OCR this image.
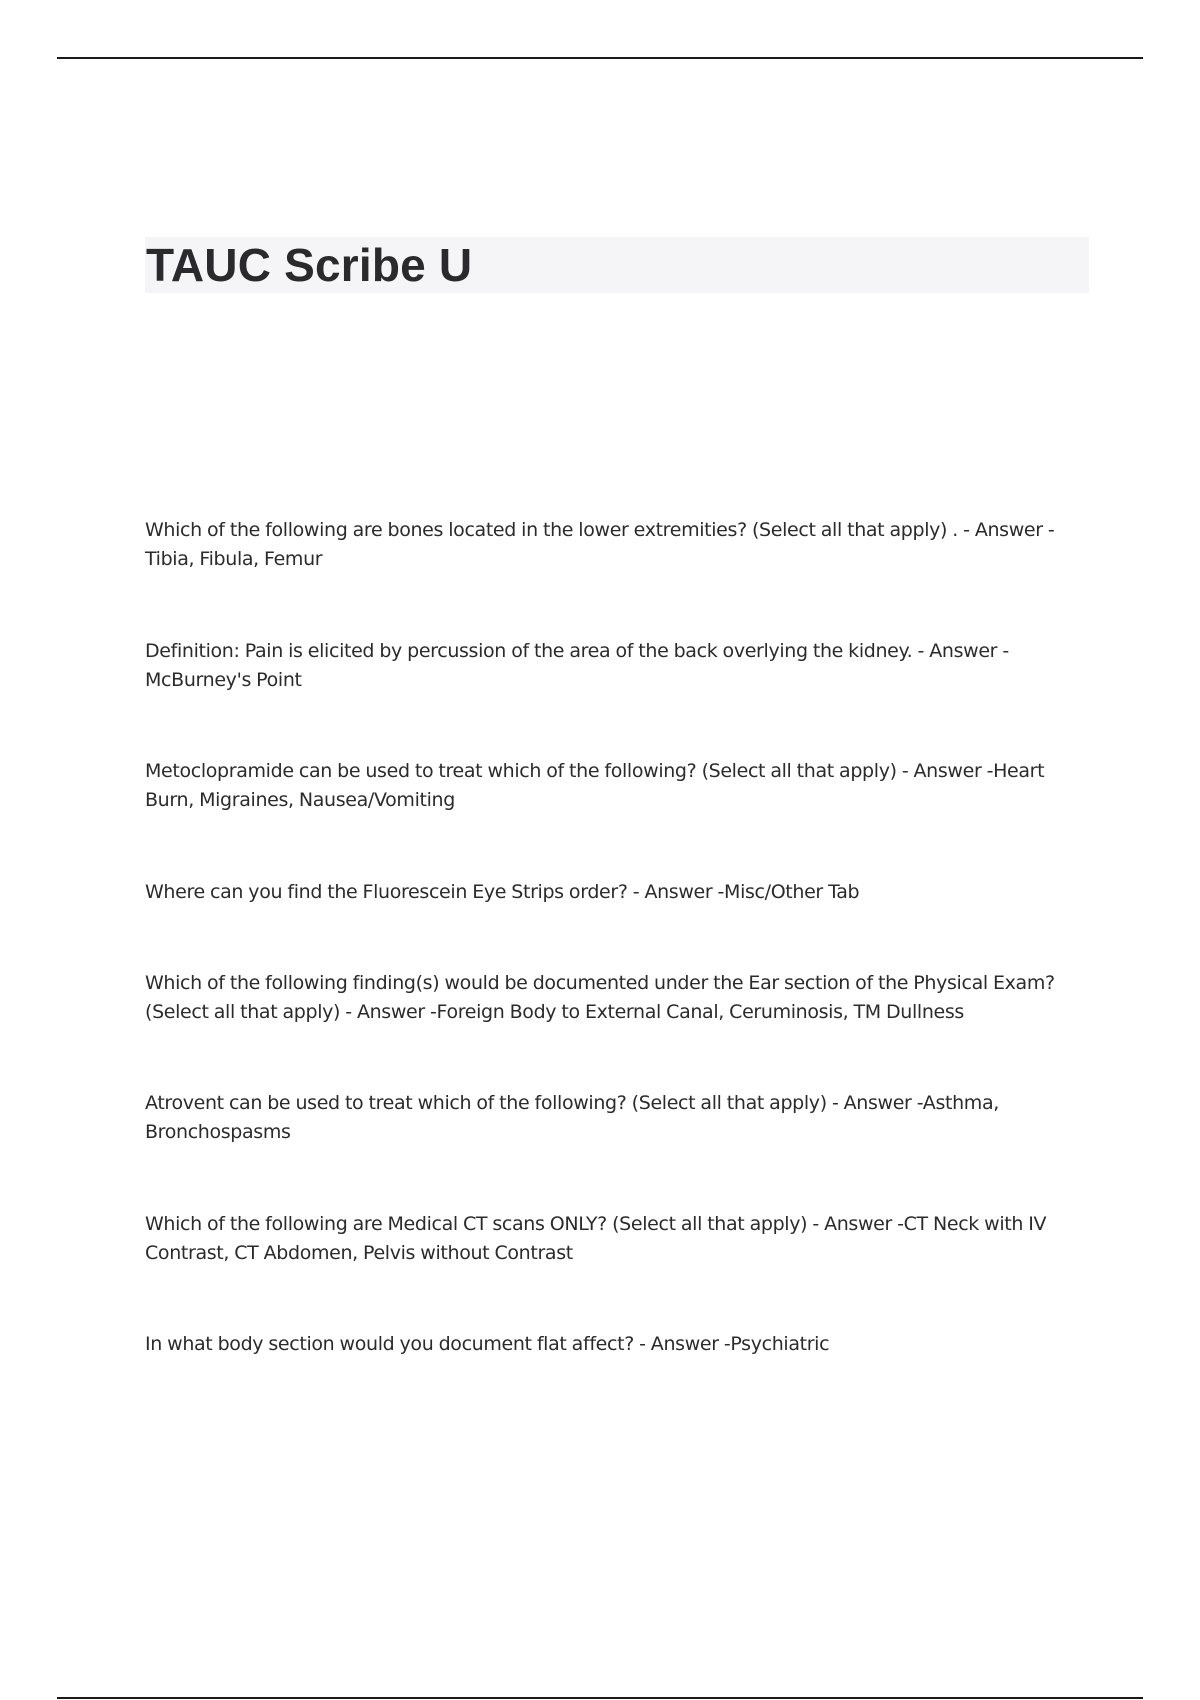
TAUC Scribe U
Which of the following are bones located in the lower extremities? (Select all that apply) . - Answer -Tibia, Fibula, Femur
Definition: Pain is elicited by percussion of the area of the back overlying the kidney. - Answer -McBurney's Point
Metoclopramide can be used to treat which of the following? (Select all that apply) - Answer -Heart Burn, Migraines, Nausea/Vomiting
Where can you find the Fluorescein Eye Strips order? - Answer -Misc/Other Tab
Which of the following finding(s) would be documented under the Ear section of the Physical Exam? (Select all that apply) - Answer -Foreign Body to External Canal, Ceruminosis, TM Dullness
Atrovent can be used to treat which of the following? (Select all that apply) - Answer -Asthma, Bronchospasms
Which of the following are Medical CT scans ONLY? (Select all that apply) - Answer -CT Neck with IV Contrast, CT Abdomen, Pelvis without Contrast
In what body section would you document flat affect? - Answer -Psychiatric
